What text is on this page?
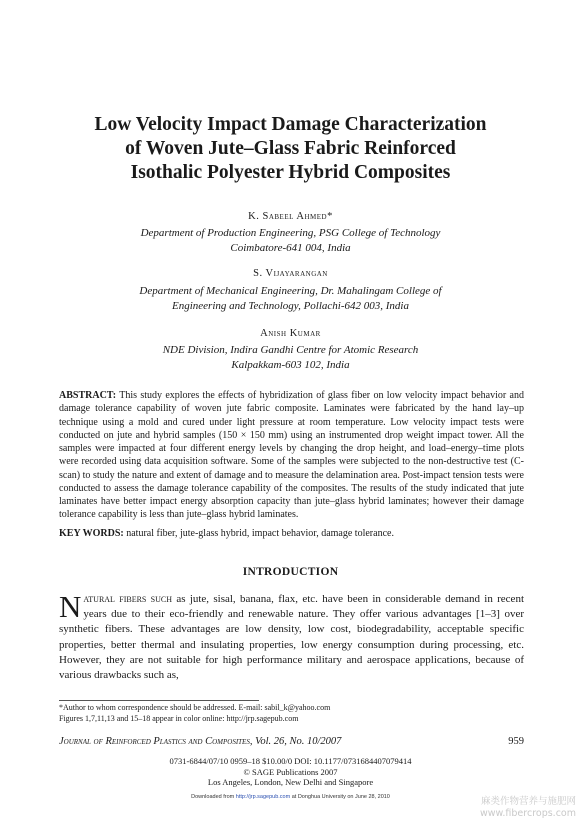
Low Velocity Impact Damage Characterization
of Woven Jute–Glass Fabric Reinforced
Isothalic Polyester Hybrid Composites
K. Sabeel Ahmed*
Department of Production Engineering, PSG College of Technology
Coimbatore-641 004, India
S. Vijayarangan
Department of Mechanical Engineering, Dr. Mahalingam College of
Engineering and Technology, Pollachi-642 003, India
Anish Kumar
NDE Division, Indira Gandhi Centre for Atomic Research
Kalpakkam-603 102, India
ABSTRACT: This study explores the effects of hybridization of glass fiber on low velocity impact behavior and damage tolerance capability of woven jute fabric composite. Laminates were fabricated by the hand lay–up technique using a mold and cured under light pressure at room temperature. Low velocity impact tests were conducted on jute and hybrid samples (150 × 150 mm) using an instrumented drop weight impact tower. All the samples were impacted at four different energy levels by changing the drop height, and load–energy–time plots were recorded using data acquisition software. Some of the samples were subjected to the non-destructive test (C-scan) to study the nature and extent of damage and to measure the delamination area. Post-impact tension tests were conducted to assess the damage tolerance capability of the composites. The results of the study indicated that jute laminates have better impact energy absorption capacity than jute–glass hybrid laminates; however their damage tolerance capability is less than jute–glass hybrid laminates.
KEY WORDS: natural fiber, jute-glass hybrid, impact behavior, damage tolerance.
INTRODUCTION
Natural fibers such as jute, sisal, banana, flax, etc. have been in considerable demand in recent years due to their eco-friendly and renewable nature. They offer various advantages [1–3] over synthetic fibers. These advantages are low density, low cost, biodegradability, acceptable specific properties, better thermal and insulating properties, low energy consumption during processing, etc. However, they are not suitable for high performance military and aerospace applications, because of various drawbacks such as,
*Author to whom correspondence should be addressed. E-mail: sabil_k@yahoo.com
Figures 1,7,11,13 and 15–18 appear in color online: http://jrp.sagepub.com
Journal of Reinforced Plastics and Composites, Vol. 26, No. 10/2007	959
0731-6844/07/10 0959–18 $10.00/0 DOI: 10.1177/0731684407079414
© SAGE Publications 2007
Los Angeles, London, New Delhi and Singapore
Downloaded from http://jrp.sagepub.com at Donghua University on June 28, 2010	麻类作物营养与施肥网
www.fibercrops.com
